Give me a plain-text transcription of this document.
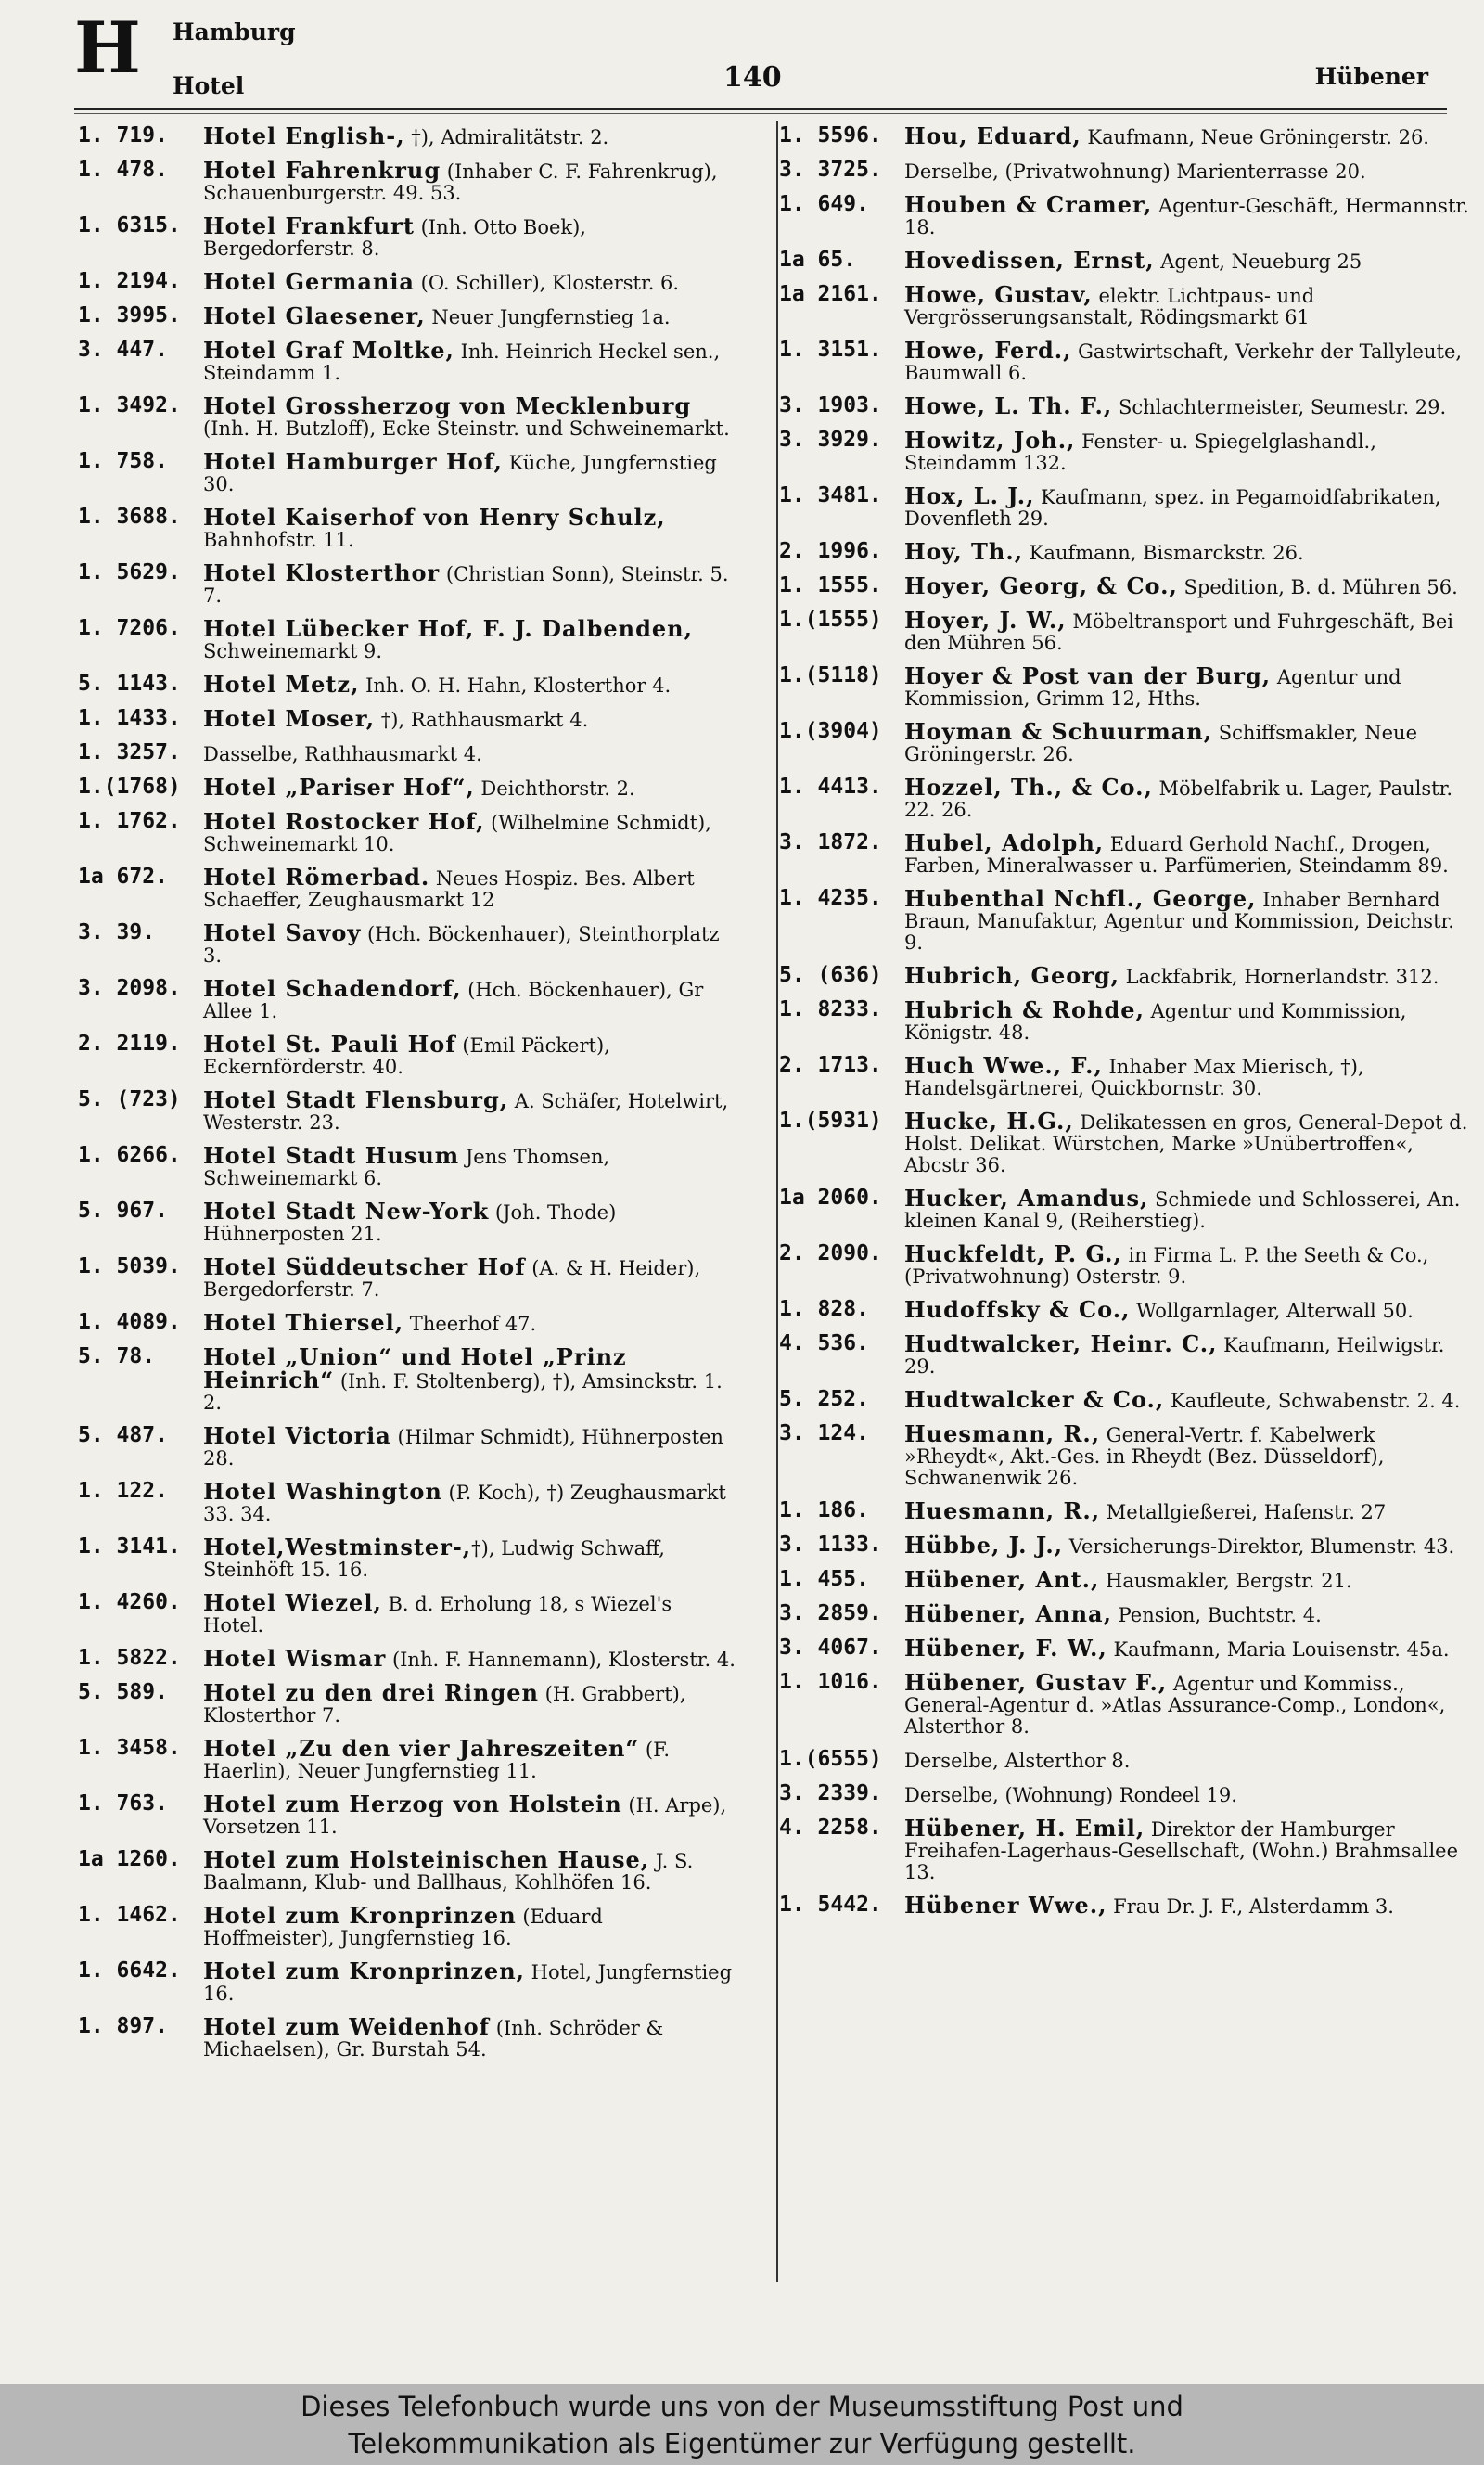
H Hamburg
Hotel	140	Hübener
1. 719.	Hotel English-, †), Admiralitätstr. 2.
1. 478.	Hotel Fahrenkrug (Inhaber C. F. Fahrenkrug), Schauenburgerstr. 49. 53.
1. 6315.	Hotel Frankfurt (Inh. Otto Boek), Bergedorferstr. 8.
1. 2194.	Hotel Germania (O. Schiller), Klosterstr. 6.
1. 3995.	Hotel Glaesener, Neuer Jungfernstieg 1a.
3. 447.	Hotel Graf Moltke, Inh. Heinrich Heckel sen., Steindamm 1.
1. 3492.	Hotel Grossherzog von Mecklenburg (Inh. H. Butzloff), Ecke Steinstr. und Schweinemarkt.
1. 758.	Hotel Hamburger Hof, Küche, Jungfernstieg 30.
1. 3688.	Hotel Kaiserhof von Henry Schulz, Bahnhofstr. 11.
1. 5629.	Hotel Klosterthor (Christian Sonn), Steinstr. 5. 7.
1. 7206.	Hotel Lübecker Hof, F. J. Dalbenden, Schweinemarkt 9.
5. 1143.	Hotel Metz, Inh. O. H. Hahn, Klosterthor 4.
1. 1433.	Hotel Moser, †), Rathhausmarkt 4.
1. 3257.	Dasselbe, Rathhausmarkt 4.
1.(1768)	Hotel „Pariser Hof“, Deichthorstr. 2.
1. 1762.	Hotel Rostocker Hof, (Wilhelmine Schmidt), Schweinemarkt 10.
1a 672.	Hotel Römerbad. Neues Hospiz. Bes. Albert Schaeffer, Zeughausmarkt 12
3. 39.	Hotel Savoy (Hch. Böckenhauer), Steinthorplatz 3.
3. 2098.	Hotel Schadendorf, (Hch. Böckenhauer), Gr Allee 1.
2. 2119.	Hotel St. Pauli Hof (Emil Päckert), Eckernförderstr. 40.
5. (723)	Hotel Stadt Flensburg, A. Schäfer, Hotelwirt, Westerstr. 23.
1. 6266.	Hotel Stadt Husum Jens Thomsen, Schweinemarkt 6.
5. 967.	Hotel Stadt New-York (Joh. Thode) Hühnerposten 21.
1. 5039.	Hotel Süddeutscher Hof (A. & H. Heider), Bergedorferstr. 7.
1. 4089.	Hotel Thiersel, Theerhof 47.
5. 78.	Hotel „Union“ und Hotel „Prinz Heinrich“ (Inh. F. Stoltenberg), †), Amsinckstr. 1. 2.
5. 487.	Hotel Victoria (Hilmar Schmidt), Hühnerposten 28.
1. 122.	Hotel Washington (P. Koch), †) Zeughausmarkt 33. 34.
1. 3141.	Hotel,Westminster-,†), Ludwig Schwaff, Steinhöft 15. 16.
1. 4260.	Hotel Wiezel, B. d. Erholung 18, s Wiezel's Hotel.
1. 5822.	Hotel Wismar (Inh. F. Hannemann), Klosterstr. 4.
5. 589.	Hotel zu den drei Ringen (H. Grabbert), Klosterthor 7.
1. 3458.	Hotel „Zu den vier Jahreszeiten“ (F. Haerlin), Neuer Jungfernstieg 11.
1. 763.	Hotel zum Herzog von Holstein (H. Arpe), Vorsetzen 11.
1a 1260.	Hotel zum Holsteinischen Hause, J. S. Baalmann, Klub- und Ballhaus, Kohlhöfen 16.
1. 1462.	Hotel zum Kronprinzen (Eduard Hoffmeister), Jungfernstieg 16.
1. 6642.	Hotel zum Kronprinzen, Hotel, Jungfernstieg 16.
1. 897.	Hotel zum Weidenhof (Inh. Schröder & Michaelsen), Gr. Burstah 54.
1. 5596.	Hou, Eduard, Kaufmann, Neue Gröningerstr. 26.
3. 3725.	Derselbe, (Privatwohnung) Marienterrasse 20.
1. 649.	Houben & Cramer, Agentur-Geschäft, Hermannstr. 18.
1a 65.	Hovedissen, Ernst, Agent, Neueburg 25
1a 2161.	Howe, Gustav, elektr. Lichtpaus- und Vergrösserungsanstalt, Rödingsmarkt 61
1. 3151.	Howe, Ferd., Gastwirtschaft, Verkehr der Tallyleute, Baumwall 6.
3. 1903.	Howe, L. Th. F., Schlachtermeister, Seumestr. 29.
3. 3929.	Howitz, Joh., Fenster- u. Spiegelglashandl., Steindamm 132.
1. 3481.	Hox, L. J., Kaufmann, spez. in Pegamoidfabrikaten, Dovenfleth 29.
2. 1996.	Hoy, Th., Kaufmann, Bismarckstr. 26.
1. 1555.	Hoyer, Georg, & Co., Spedition, B. d. Mühren 56.
1.(1555)	Hoyer, J. W., Möbeltransport und Fuhrgeschäft, Bei den Mühren 56.
1.(5118)	Hoyer & Post van der Burg, Agentur und Kommission, Grimm 12, Hths.
1.(3904)	Hoyman & Schuurman, Schiffsmakler, Neue Gröningerstr. 26.
1. 4413.	Hozzel, Th., & Co., Möbelfabrik u. Lager, Paulstr. 22. 26.
3. 1872.	Hubel, Adolph, Eduard Gerhold Nachf., Drogen, Farben, Mineralwasser u. Parfümerien, Steindamm 89.
1. 4235.	Hubenthal Nchfl., George, Inhaber Bernhard Braun, Manufaktur, Agentur und Kommission, Deichstr. 9.
5. (636)	Hubrich, Georg, Lackfabrik, Hornerlandstr. 312.
1. 8233.	Hubrich & Rohde, Agentur und Kommission, Königstr. 48.
2. 1713.	Huch Wwe., F., Inhaber Max Mierisch, †), Handelsgärtnerei, Quickbornstr. 30.
1.(5931)	Hucke, H.G., Delikatessen en gros, General-Depot d. Holst. Delikat. Würstchen, Marke »Unübertroffen«, Abcstr 36.
1a 2060.	Hucker, Amandus, Schmiede und Schlosserei, An. kleinen Kanal 9, (Reiherstieg).
2. 2090.	Huckfeldt, P. G., in Firma L. P. the Seeth & Co., (Privatwohnung) Osterstr. 9.
1. 828.	Hudoffsky & Co., Wollgarnlager, Alterwall 50.
4. 536.	Hudtwalcker, Heinr. C., Kaufmann, Heilwigstr. 29.
5. 252.	Hudtwalcker & Co., Kaufleute, Schwabenstr. 2. 4.
3. 124.	Huesmann, R., General-Vertr. f. Kabelwerk »Rheydt«, Akt.-Ges. in Rheydt (Bez. Düsseldorf), Schwanenwik 26.
1. 186.	Huesmann, R., Metallgießerei, Hafenstr. 27
3. 1133.	Hübbe, J. J., Versicherungs-Direktor, Blumenstr. 43.
1. 455.	Hübener, Ant., Hausmakler, Bergstr. 21.
3. 2859.	Hübener, Anna, Pension, Buchtstr. 4.
3. 4067.	Hübener, F. W., Kaufmann, Maria Louisenstr. 45a.
1. 1016.	Hübener, Gustav F., Agentur und Kommiss., General-Agentur d. »Atlas Assurance-Comp., London«, Alsterthor 8.
1.(6555)	Derselbe, Alsterthor 8.
3. 2339.	Derselbe, (Wohnung) Rondeel 19.
4. 2258.	Hübener, H. Emil, Direktor der Hamburger Freihafen-Lagerhaus-Gesellschaft, (Wohn.) Brahmsallee 13.
1. 5442.	Hübener Wwe., Frau Dr. J. F., Alsterdamm 3.
Dieses Telefonbuch wurde uns von der Museumsstiftung Post und
Telekommunikation als Eigentümer zur Verfügung gestellt.
